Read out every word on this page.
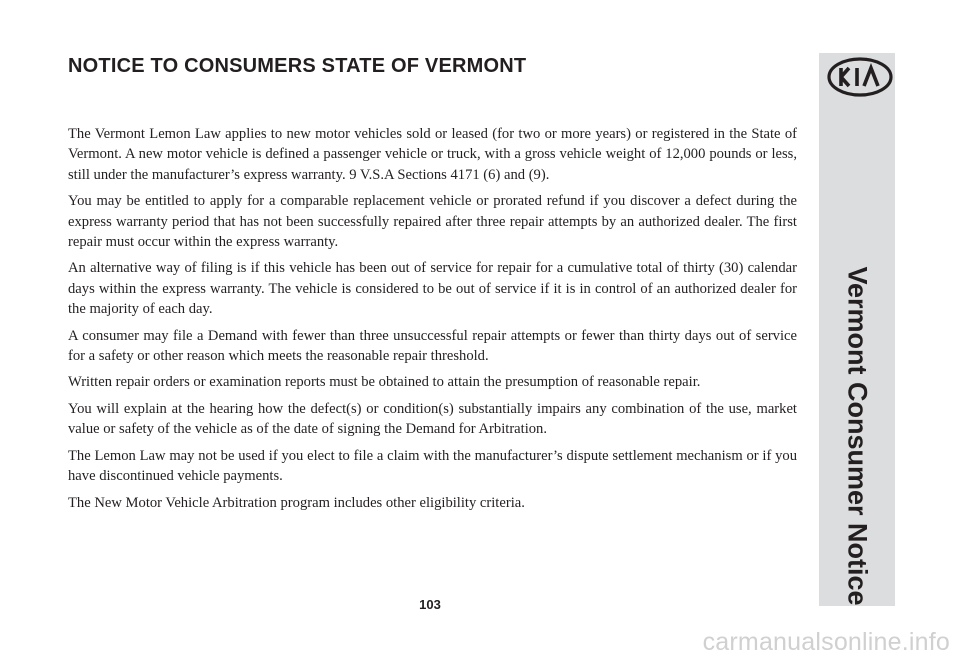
NOTICE TO CONSUMERS STATE OF VERMONT

The Vermont Lemon Law applies to new motor vehicles sold or leased (for two or more years) or registered in the State of Vermont. A new motor vehicle is defined a passenger vehicle or truck, with a gross vehicle weight of 12,000 pounds or less, still under the manufacturer’s express warranty. 9 V.S.A Sections 4171 (6) and (9).

You may be entitled to apply for a comparable replacement vehicle or prorated refund if you discover a defect during the express warranty period that has not been successfully repaired after three repair attempts by an authorized dealer. The first repair must occur within the express warranty.

An alternative way of filing is if this vehicle has been out of service for repair for a cumulative total of thirty (30) calendar days within the express warranty. The vehicle is considered to be out of service if it is in control of an authorized dealer for the majority of each day.

A consumer may file a Demand with fewer than three unsuccessful repair attempts or fewer than thirty days out of service for a safety or other reason which meets the reasonable repair threshold.

Written repair orders or examination reports must be obtained to attain the presumption of reasonable repair.

You will explain at the hearing how the defect(s) or condition(s) substantially impairs any combination of the use, market value or safety of the vehicle as of the date of signing the Demand for Arbitration.

The Lemon Law may not be used if you elect to file a claim with the manufacturer’s dispute settlement mechanism or if you have discontinued vehicle payments.

The New Motor Vehicle Arbitration program includes other eligibility criteria.	Vermont Consumer Notice
103
carmanualsonline.info
